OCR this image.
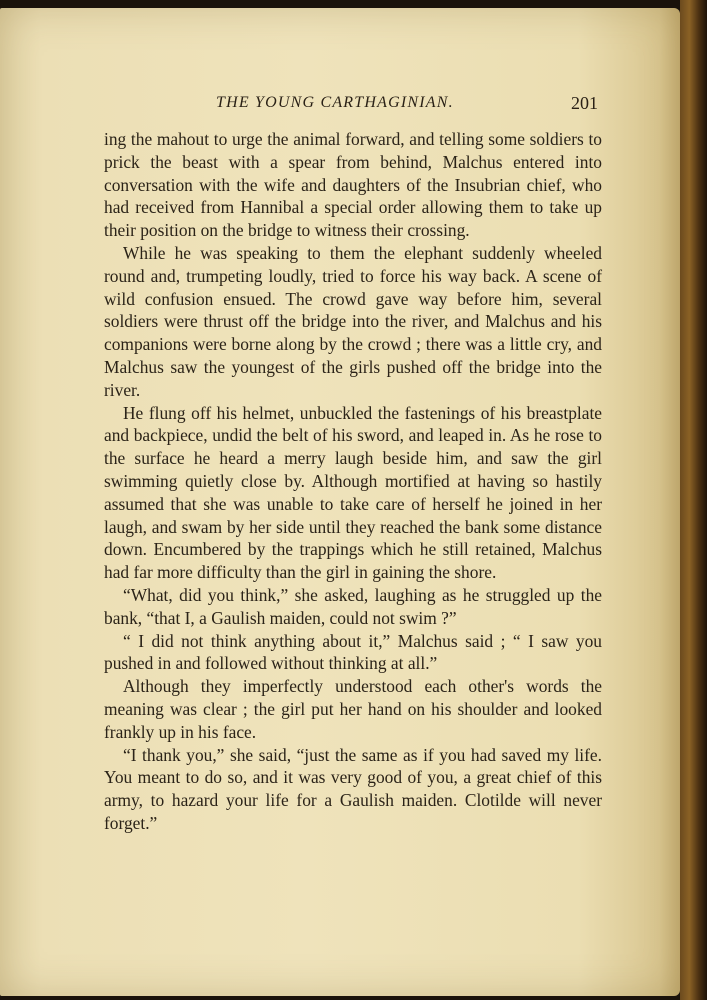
THE YOUNG CARTHAGINIAN.	201

ing the mahout to urge the animal forward, and telling some soldiers to prick the beast with a spear from behind, Malchus entered into conversation with the wife and daughters of the Insubrian chief, who had received from Hannibal a special order allowing them to take up their position on the bridge to witness their crossing.

While he was speaking to them the elephant suddenly wheeled round and, trumpeting loudly, tried to force his way back. A scene of wild confusion ensued. The crowd gave way before him, several soldiers were thrust off the bridge into the river, and Malchus and his companions were borne along by the crowd ; there was a little cry, and Malchus saw the youngest of the girls pushed off the bridge into the river.

He flung off his helmet, unbuckled the fastenings of his breastplate and backpiece, undid the belt of his sword, and leaped in. As he rose to the surface he heard a merry laugh beside him, and saw the girl swimming quietly close by. Although mortified at having so hastily assumed that she was unable to take care of herself he joined in her laugh, and swam by her side until they reached the bank some distance down. Encumbered by the trappings which he still retained, Malchus had far more difficulty than the girl in gaining the shore.

“What, did you think,” she asked, laughing as he struggled up the bank, “that I, a Gaulish maiden, could not swim ?”

“ I did not think anything about it,” Malchus said ; “ I saw you pushed in and followed without thinking at all.”

Although they imperfectly understood each other's words the meaning was clear ; the girl put her hand on his shoulder and looked frankly up in his face.

“I thank you,” she said, “just the same as if you had saved my life. You meant to do so, and it was very good of you, a great chief of this army, to hazard your life for a Gaulish maiden. Clotilde will never forget.”
